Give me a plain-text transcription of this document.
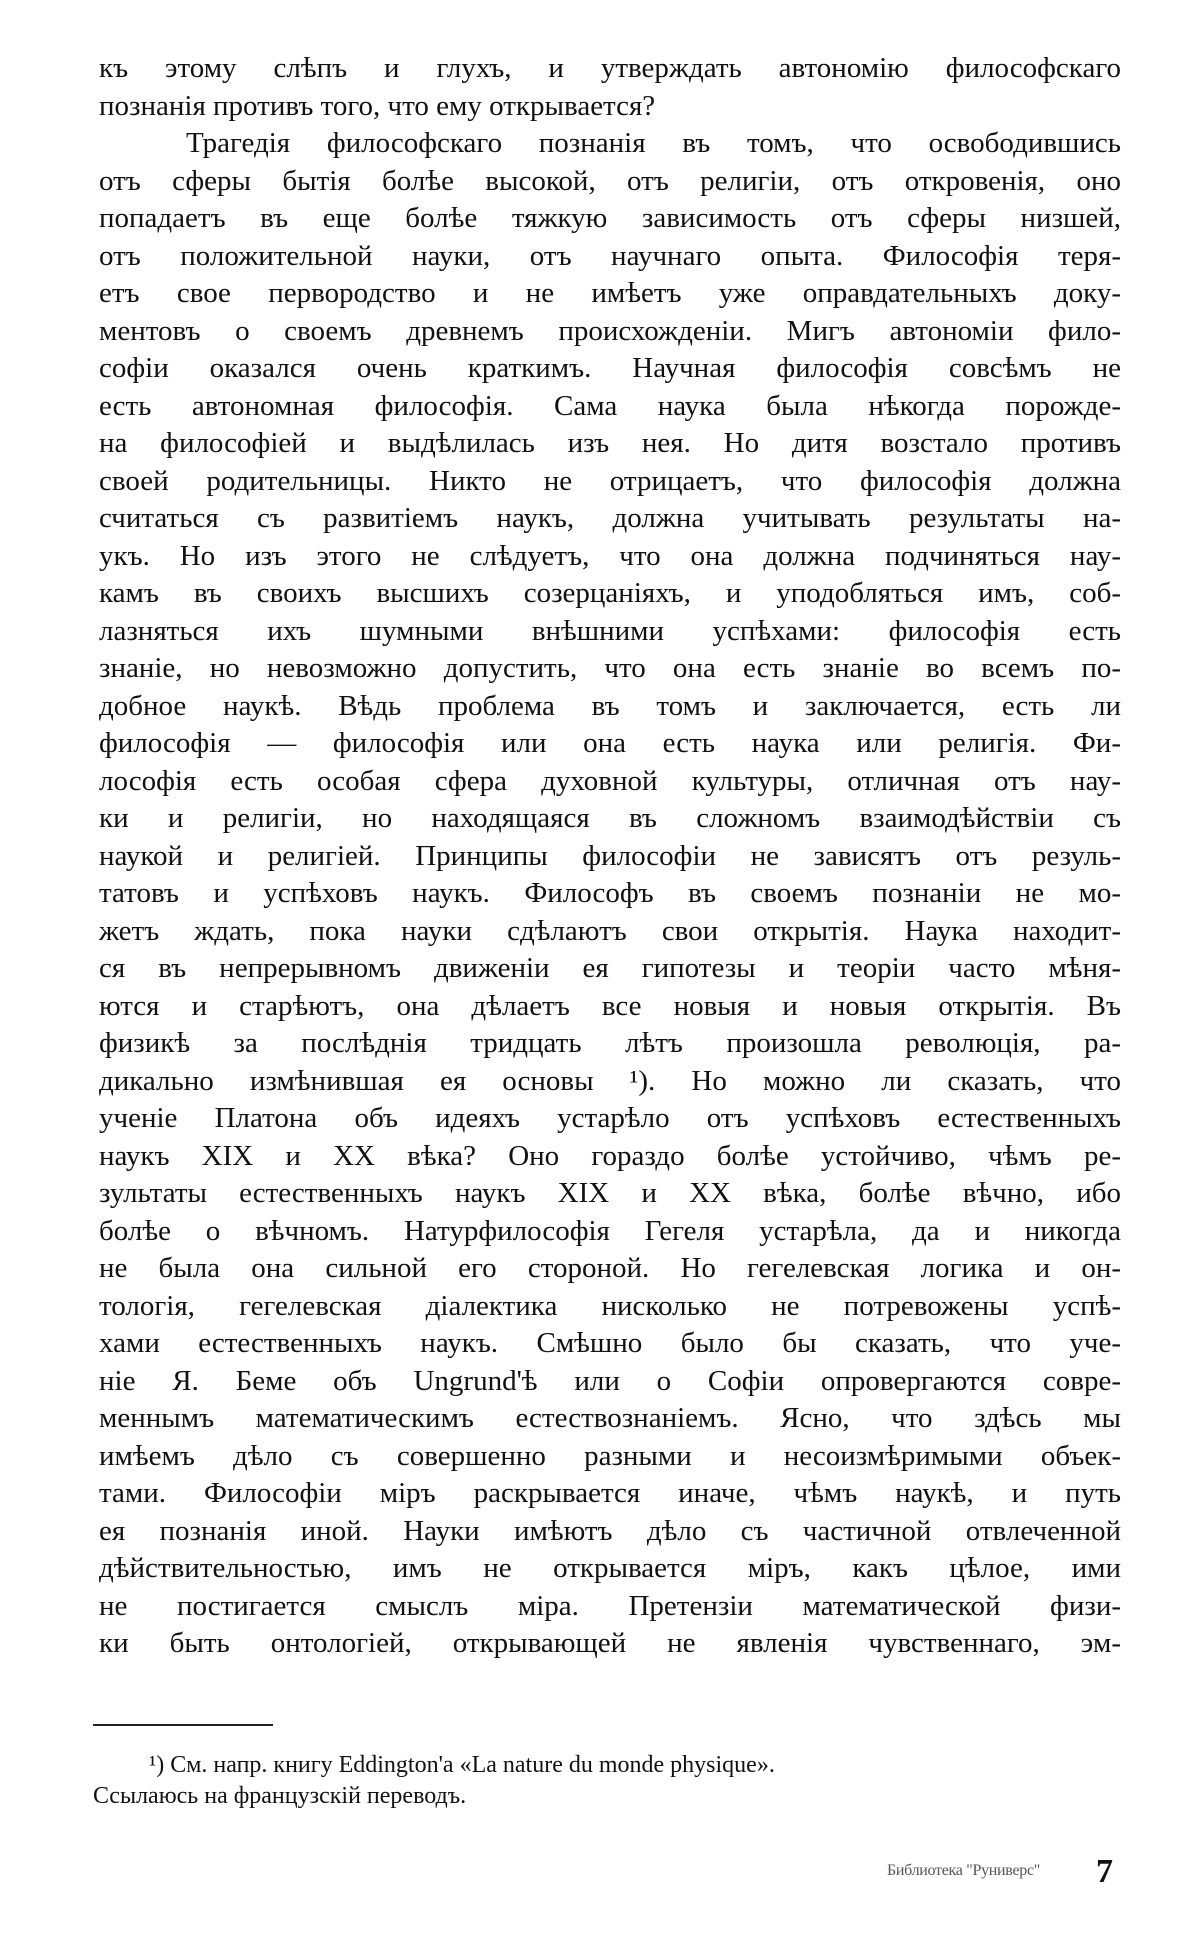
къ этому слѣпъ и глухъ, и утверждать автономію философскаго
познанія противъ того, что ему открывается?
Трагедія философскаго познанія въ томъ, что освободившись
отъ сферы бытія болѣе высокой, отъ религіи, отъ откровенія, оно
попадаетъ въ еще болѣе тяжкую зависимость отъ сферы низшей,
отъ положительной науки, отъ научнаго опыта. Философія теря-
етъ свое первородство и не имѣетъ уже оправдательныхъ доку-
ментовъ о своемъ древнемъ происхожденіи. Мигъ автономіи фило-
софіи оказался очень краткимъ. Научная философія совсѣмъ не
есть автономная философія. Сама наука была нѣкогда порожде-
на философіей и выдѣлилась изъ нея. Но дитя возстало противъ
своей родительницы. Никто не отрицаетъ, что философія должна
считаться съ развитіемъ наукъ, должна учитывать результаты на-
укъ. Но изъ этого не слѣдуетъ, что она должна подчиняться нау-
камъ въ своихъ высшихъ созерцаніяхъ, и уподобляться имъ, соб-
лазняться ихъ шумными внѣшними успѣхами: философія есть
знаніе, но невозможно допустить, что она есть знаніе во всемъ по-
добное наукѣ. Вѣдь проблема въ томъ и заключается, есть ли
философія — философія или она есть наука или религія. Фи-
лософія есть особая сфера духовной культуры, отличная отъ нау-
ки и религіи, но находящаяся въ сложномъ взаимодѣйствіи съ
наукой и религіей. Принципы философіи не зависятъ отъ резуль-
татовъ и успѣховъ наукъ. Философъ въ своемъ познаніи не мо-
жетъ ждать, пока науки сдѣлаютъ свои открытія. Наука находит-
ся въ непрерывномъ движеніи ея гипотезы и теоріи часто мѣня-
ются и старѣютъ, она дѣлаетъ все новыя и новыя открытія. Въ
физикѣ за послѣднія тридцать лѣтъ произошла революція, ра-
дикально измѣнившая ея основы ¹). Но можно ли сказать, что
ученіе Платона объ идеяхъ устарѣло отъ успѣховъ естественныхъ
наукъ XIX и XX вѣка? Оно гораздо болѣе устойчиво, чѣмъ ре-
зультаты естественныхъ наукъ XIX и XX вѣка, болѣе вѣчно, ибо
болѣе о вѣчномъ. Натурфилософія Гегеля устарѣла, да и никогда
не была она сильной его стороной. Но гегелевская логика и он-
тологія, гегелевская діалектика нисколько не потревожены успѣ-
хами естественныхъ наукъ. Смѣшно было бы сказать, что уче-
ніе Я. Беме объ Ungrund'ѣ или о Софіи опровергаются совре-
меннымъ математическимъ естествознаніемъ. Ясно, что здѣсь мы
имѣемъ дѣло съ совершенно разными и несоизмѣримыми объек-
тами. Философіи міръ раскрывается иначе, чѣмъ наукѣ, и путь
ея познанія иной. Науки имѣютъ дѣло съ частичной отвлеченной
дѣйствительностью, имъ не открывается міръ, какъ цѣлое, ими
не постигается смыслъ міра. Претензіи математической физи-
ки быть онтологіей, открывающей не явленія чувственнаго, эм-
¹) См. напр. книгу Eddington'а «La nature du monde physique».
Ссылаюсь на французскій переводъ.
Библиотека "Руниверс" 7
